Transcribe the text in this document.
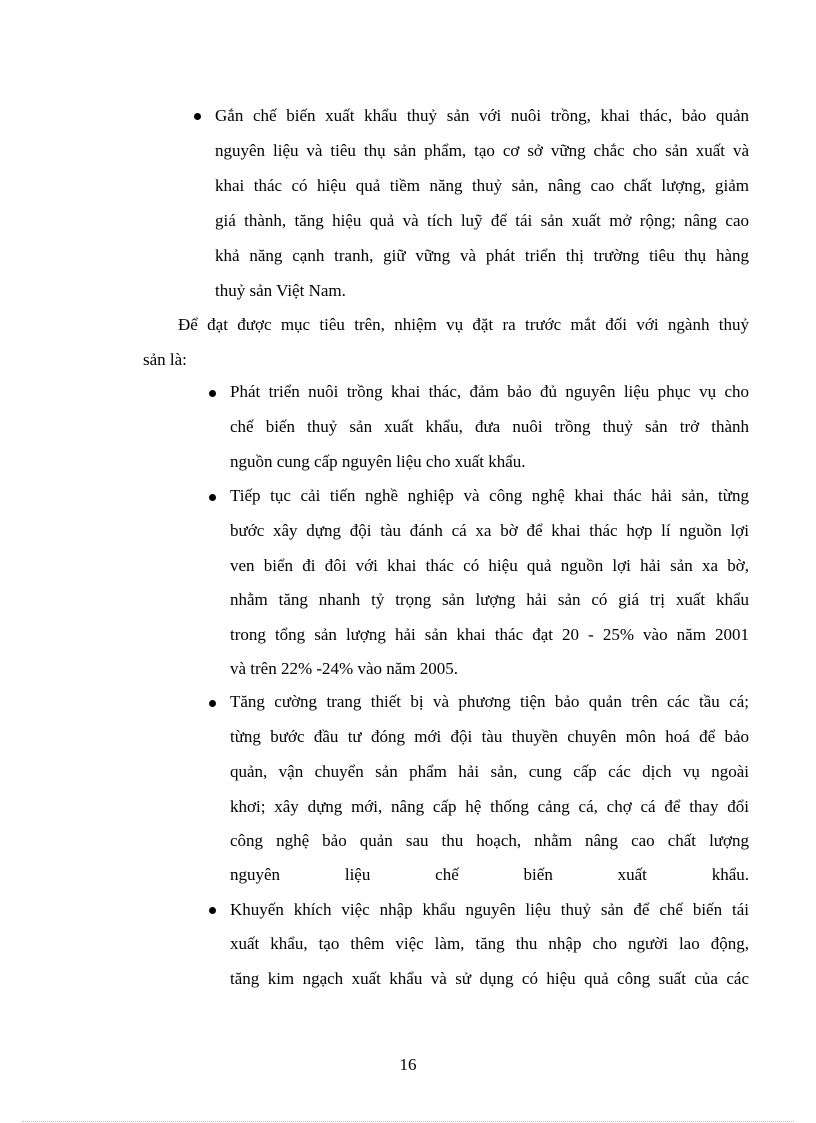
Gắn chế biến xuất khẩu thuỷ sản với nuôi trồng, khai thác, bảo quản
nguyên liệu và tiêu thụ sản phẩm, tạo cơ sở vững chắc cho sản xuất và
khai thác có hiệu quả tiềm năng thuỷ sản, nâng cao chất lượng, giảm
giá thành, tăng hiệu quả và tích luỹ để tái sản xuất mở rộng; nâng cao
khả năng cạnh tranh, giữ vững và phát triển thị trường tiêu thụ hàng
thuỷ sản Việt Nam.
Để đạt được mục tiêu trên, nhiệm vụ đặt ra trước mắt đối với ngành thuỷ
sản là:
Phát triển nuôi trồng khai thác, đảm bảo đủ nguyên liệu phục vụ cho
chế biến thuỷ sản xuất khẩu, đưa nuôi trồng thuỷ sản trở thành
nguồn cung cấp nguyên liệu cho xuất khẩu.
Tiếp tục cải tiến nghề nghiệp và công nghệ khai thác hải sản, từng
bước xây dựng đội tàu đánh cá xa bờ để khai thác hợp lí nguồn lợi
ven biển đi đôi với khai thác có hiệu quả nguồn lợi hải sản xa bờ,
nhằm tăng nhanh tỷ trọng sản lượng hải sản có giá trị xuất khẩu
trong tổng sản lượng hải sản khai thác đạt 20 - 25% vào năm 2001
và trên 22% -24% vào năm 2005.
Tăng cường trang thiết bị và phương tiện bảo quản trên các tầu cá;
từng bước đầu tư đóng mới đội tàu thuyền chuyên môn hoá để bảo
quản, vận chuyển sản phẩm hải sản, cung cấp các dịch vụ ngoài
khơi; xây dựng mới, nâng cấp hệ thống cảng cá, chợ cá để thay đổi
công nghệ bảo quản sau thu hoạch, nhằm nâng cao chất lượng
nguyên liệu chế biến xuất khẩu.
Khuyến khích việc nhập khẩu nguyên liệu thuỷ sản để chế biến tái
xuất khẩu, tạo thêm việc làm, tăng thu nhập cho người lao động,
tăng kim ngạch xuất khẩu và sử dụng có hiệu quả công suất của các
16
